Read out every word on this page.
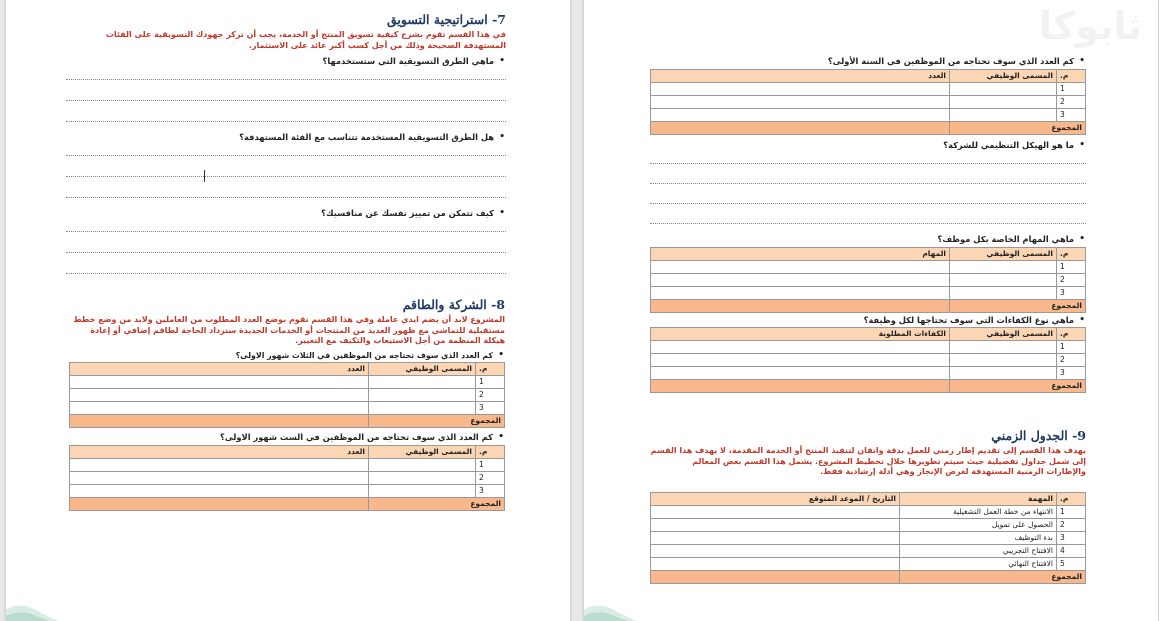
7- استراتيجية التسويق
في هذا القسم تقوم بشرح كيفية تسويق المنتج أو الخدمة، يجب أن تركز جهودك التسويقية على الفئات المستهدفة الصحيحة وذلك من أجل كسب أكبر عائد على الاستثمار.
• ماهي الطرق التسويقية التي ستستخدمها؟
• هل الطرق التسويقية المستخدمة تتناسب مع الفئة المستهدفة؟
• كيف تتمكن من تمييز نفسك عن منافسيك؟
8- الشركة والطاقم
المشروع لابد أن يضم ايدي عاملة وفي هذا القسم تقوم بوضع العدد المطلوب من العاملين ولابد من وضع خطط مستقبلية للتماشي مع ظهور العديد من المنتجات أو الخدمات الجديدة ستزداد الحاجة لطاقم إضافي أو إعادة هيكلة المنظمة من أجل الاستيعاب والتكيف مع التغيير.
• كم العدد الذي سوف تحتاجه من الموظفين في الثلاث شهور الاولى؟
م.	المسمى الوظيفي	العدد
1		
2		
3		
المجموع		
• كم العدد الذي سوف تحتاجه من الموظفين في الست شهور الاولى؟
م.	المسمى الوظيفي	العدد
1		
2		
3		
المجموع		
ثابوكا
• كم العدد الذي سوف تحتاجه من الموظفين في السنة الأولى؟
م.	المسمى الوظيفي	العدد
1		
2		
3		
المجموع		
• ما هو الهيكل التنظيمي للشركة؟
• ماهي المهام الخاصة بكل موظف؟
م.	المسمى الوظيفي	المهام
1		
2		
3		
المجموع		
• ماهي نوع الكفاءات التي سوف تحتاجها لكل وظيفة؟
م.	المسمى الوظيفي	الكفاءات المطلوبة
1		
2		
3		
المجموع		
9- الجدول الزمني
يهدف هذا القسم إلى تقديم إطار زمني للعمل بدقة واتقان لتنفيذ المنتج أو الخدمة المقدمة، لا يهدف هذا القسم إلى شمل جداول تفصيلية حيث سيتم تطويرها خلال تخطيط المشروع. يشمل هذا القسم بعض المعالم والإطارات الزمنية المستهدفة لغرض الإنجاز وهي أدلة إرشادية فقط.
م.	المهمة	التاريخ / الموعد المتوقع
1	الانتهاء من خطة العمل التشغيلية	
2	الحصول على تمويل	
3	بدء التوظيف	
4	الافتتاح التجريبي	
5	الافتتاح النهائي	
المجموع		
